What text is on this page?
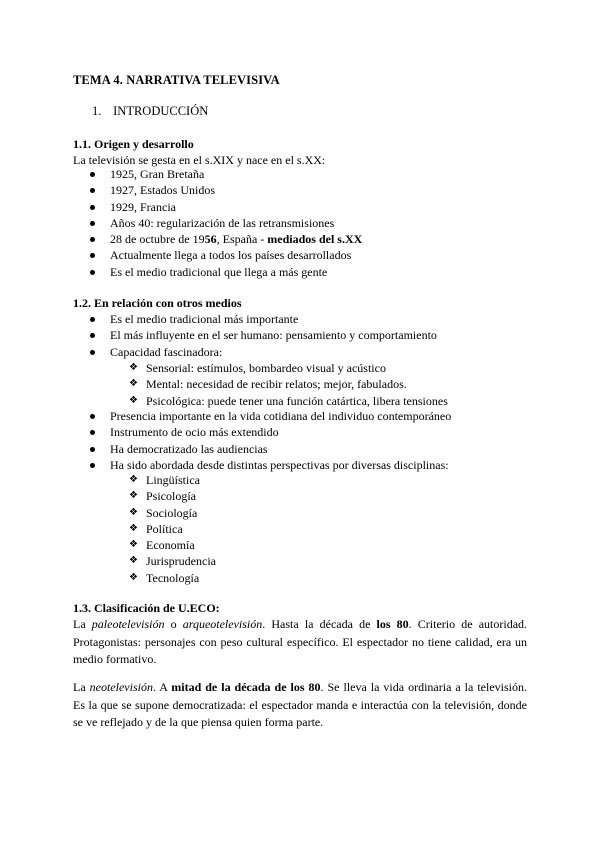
TEMA 4. NARRATIVA TELEVISIVA
1. INTRODUCCIÓN
1.1. Origen y desarrollo
La televisión se gesta en el s.XIX y nace en el s.XX:
1925, Gran Bretaña
1927, Estados Unidos
1929, Francia
Años 40: regularización de las retransmisiones
28 de octubre de 1956, España - mediados del s.XX
Actualmente llega a todos los países desarrollados
Es el medio tradicional que llega a más gente
1.2. En relación con otros medios
Es el medio tradicional más importante
El más influyente en el ser humano: pensamiento y comportamiento
Capacidad fascinadora:
❖ Sensorial: estímulos, bombardeo visual y acústico
❖ Mental: necesidad de recibir relatos; mejor, fabulados.
❖ Psicológica: puede tener una función catártica, libera tensiones
Presencia importante en la vida cotidiana del individuo contemporáneo
Instrumento de ocio más extendido
Ha democratizado las audiencias
Ha sido abordada desde distintas perspectivas por diversas disciplinas:
❖ Lingüística
❖ Psicología
❖ Sociología
❖ Política
❖ Economía
❖ Jurisprudencia
❖ Tecnología
1.3. Clasificación de U.ECO:
La paleotelevisión o arqueotelevisión. Hasta la década de los 80. Criterio de autoridad.
Protagonistas: personajes con peso cultural específico. El espectador no tiene calidad, era un
medio formativo.
La neotelevisión. A mitad de la década de los 80. Se lleva la vida ordinaria a la televisión.
Es la que se supone democratizada: el espectador manda e interactúa con la televisión, donde
se ve reflejado y de la que piensa quien forma parte.
